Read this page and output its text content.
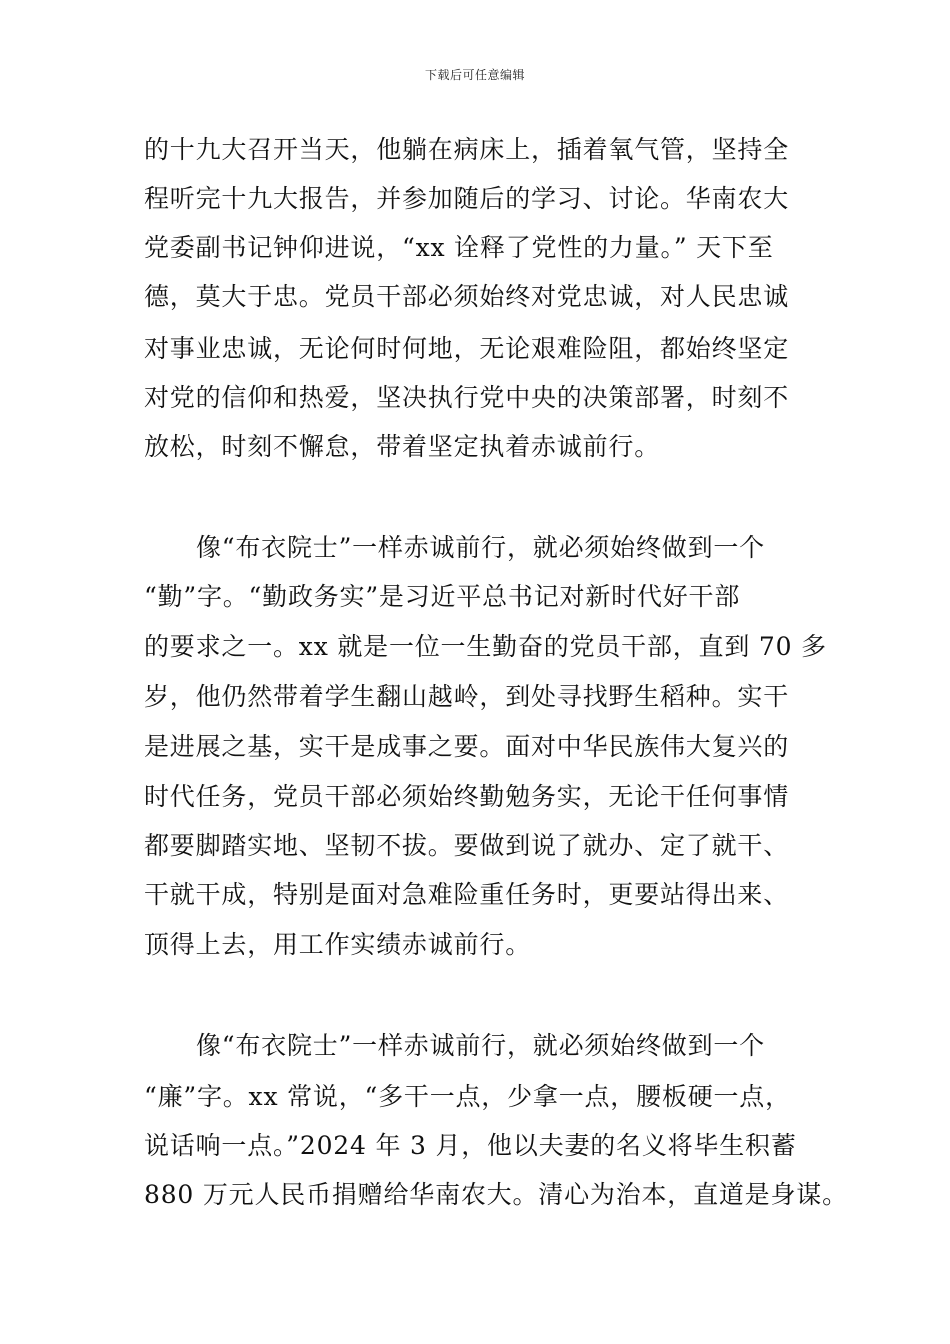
下载后可任意编辑
的十九大召开当天，他躺在病床上，插着氧气管，坚持全
程听完十九大报告，并参加随后的学习、讨论。华南农大
党委副书记钟仰进说，“xx 诠释了党性的力量。” 天下至
德，莫大于忠。党员干部必须始终对党忠诚，对人民忠诚
对事业忠诚，无论何时何地，无论艰难险阻，都始终坚定
对党的信仰和热爱，坚决执行党中央的决策部署，时刻不
放松，时刻不懈怠，带着坚定执着赤诚前行。
像“布衣院士”一样赤诚前行，就必须始终做到一个
“勤”字。“勤政务实”是习近平总书记对新时代好干部
的要求之一。xx 就是一位一生勤奋的党员干部，直到 70 多
岁，他仍然带着学生翻山越岭，到处寻找野生稻种。实干
是进展之基，实干是成事之要。面对中华民族伟大复兴的
时代任务，党员干部必须始终勤勉务实，无论干任何事情
都要脚踏实地、坚韧不拔。要做到说了就办、定了就干、
干就干成，特别是面对急难险重任务时，更要站得出来、
顶得上去，用工作实绩赤诚前行。
像“布衣院士”一样赤诚前行，就必须始终做到一个
“廉”字。xx 常说，“多干一点，少拿一点，腰板硬一点，
说话响一点。”2024 年 3 月，他以夫妻的名义将毕生积蓄
880 万元人民币捐赠给华南农大。清心为治本，直道是身谋。
